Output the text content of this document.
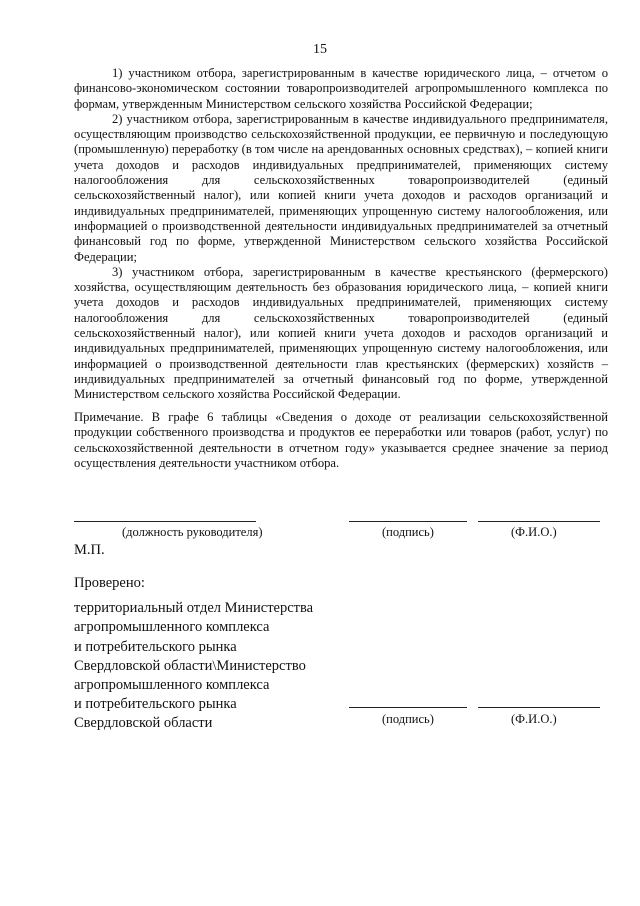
15

1) участником отбора, зарегистрированным в качестве юридического лица, – отчетом о финансово-экономическом состоянии товаропроизводителей агропромышленного комплекса по формам, утвержденным Министерством сельского хозяйства Российской Федерации;

2) участником отбора, зарегистрированным в качестве индивидуального предпринимателя, осуществляющим производство сельскохозяйственной продукции, ее первичную и последующую (промышленную) переработку (в том числе на арендованных основных средствах), – копией книги учета доходов и расходов индивидуальных предпринимателей, применяющих систему налогообложения для сельскохозяйственных товаропроизводителей (единый сельскохозяйственный налог), или копией книги учета доходов и расходов организаций и индивидуальных предпринимателей, применяющих упрощенную систему налогообложения, или информацией о производственной деятельности индивидуальных предпринимателей за отчетный финансовый год по форме, утвержденной Министерством сельского хозяйства Российской Федерации;

3) участником отбора, зарегистрированным в качестве крестьянского (фермерского) хозяйства, осуществляющим деятельность без образования юридического лица, – копией книги учета доходов и расходов индивидуальных предпринимателей, применяющих систему налогообложения для сельскохозяйственных товаропроизводителей (единый сельскохозяйственный налог), или копией книги учета доходов и расходов организаций и индивидуальных предпринимателей, применяющих упрощенную систему налогообложения, или информацией о производственной деятельности глав крестьянских (фермерских) хозяйств – индивидуальных предпринимателей за отчетный финансовый год по форме, утвержденной Министерством сельского хозяйства Российской Федерации.

Примечание. В графе 6 таблицы «Сведения о доходе от реализации сельскохозяйственной продукции собственного производства и продуктов ее переработки или товаров (работ, услуг) по сельскохозяйственной деятельности в отчетном году» указывается среднее значение за период осуществления деятельности участником отбора.

(должность руководителя)	(подпись)	(Ф.И.О.)
М.П.
Проверено:
территориальный отдел Министерства
агропромышленного комплекса
и потребительского рынка
Свердловской области\Министерство
агропромышленного комплекса
и потребительского рынка
Свердловской области	(подпись)	(Ф.И.О.)
